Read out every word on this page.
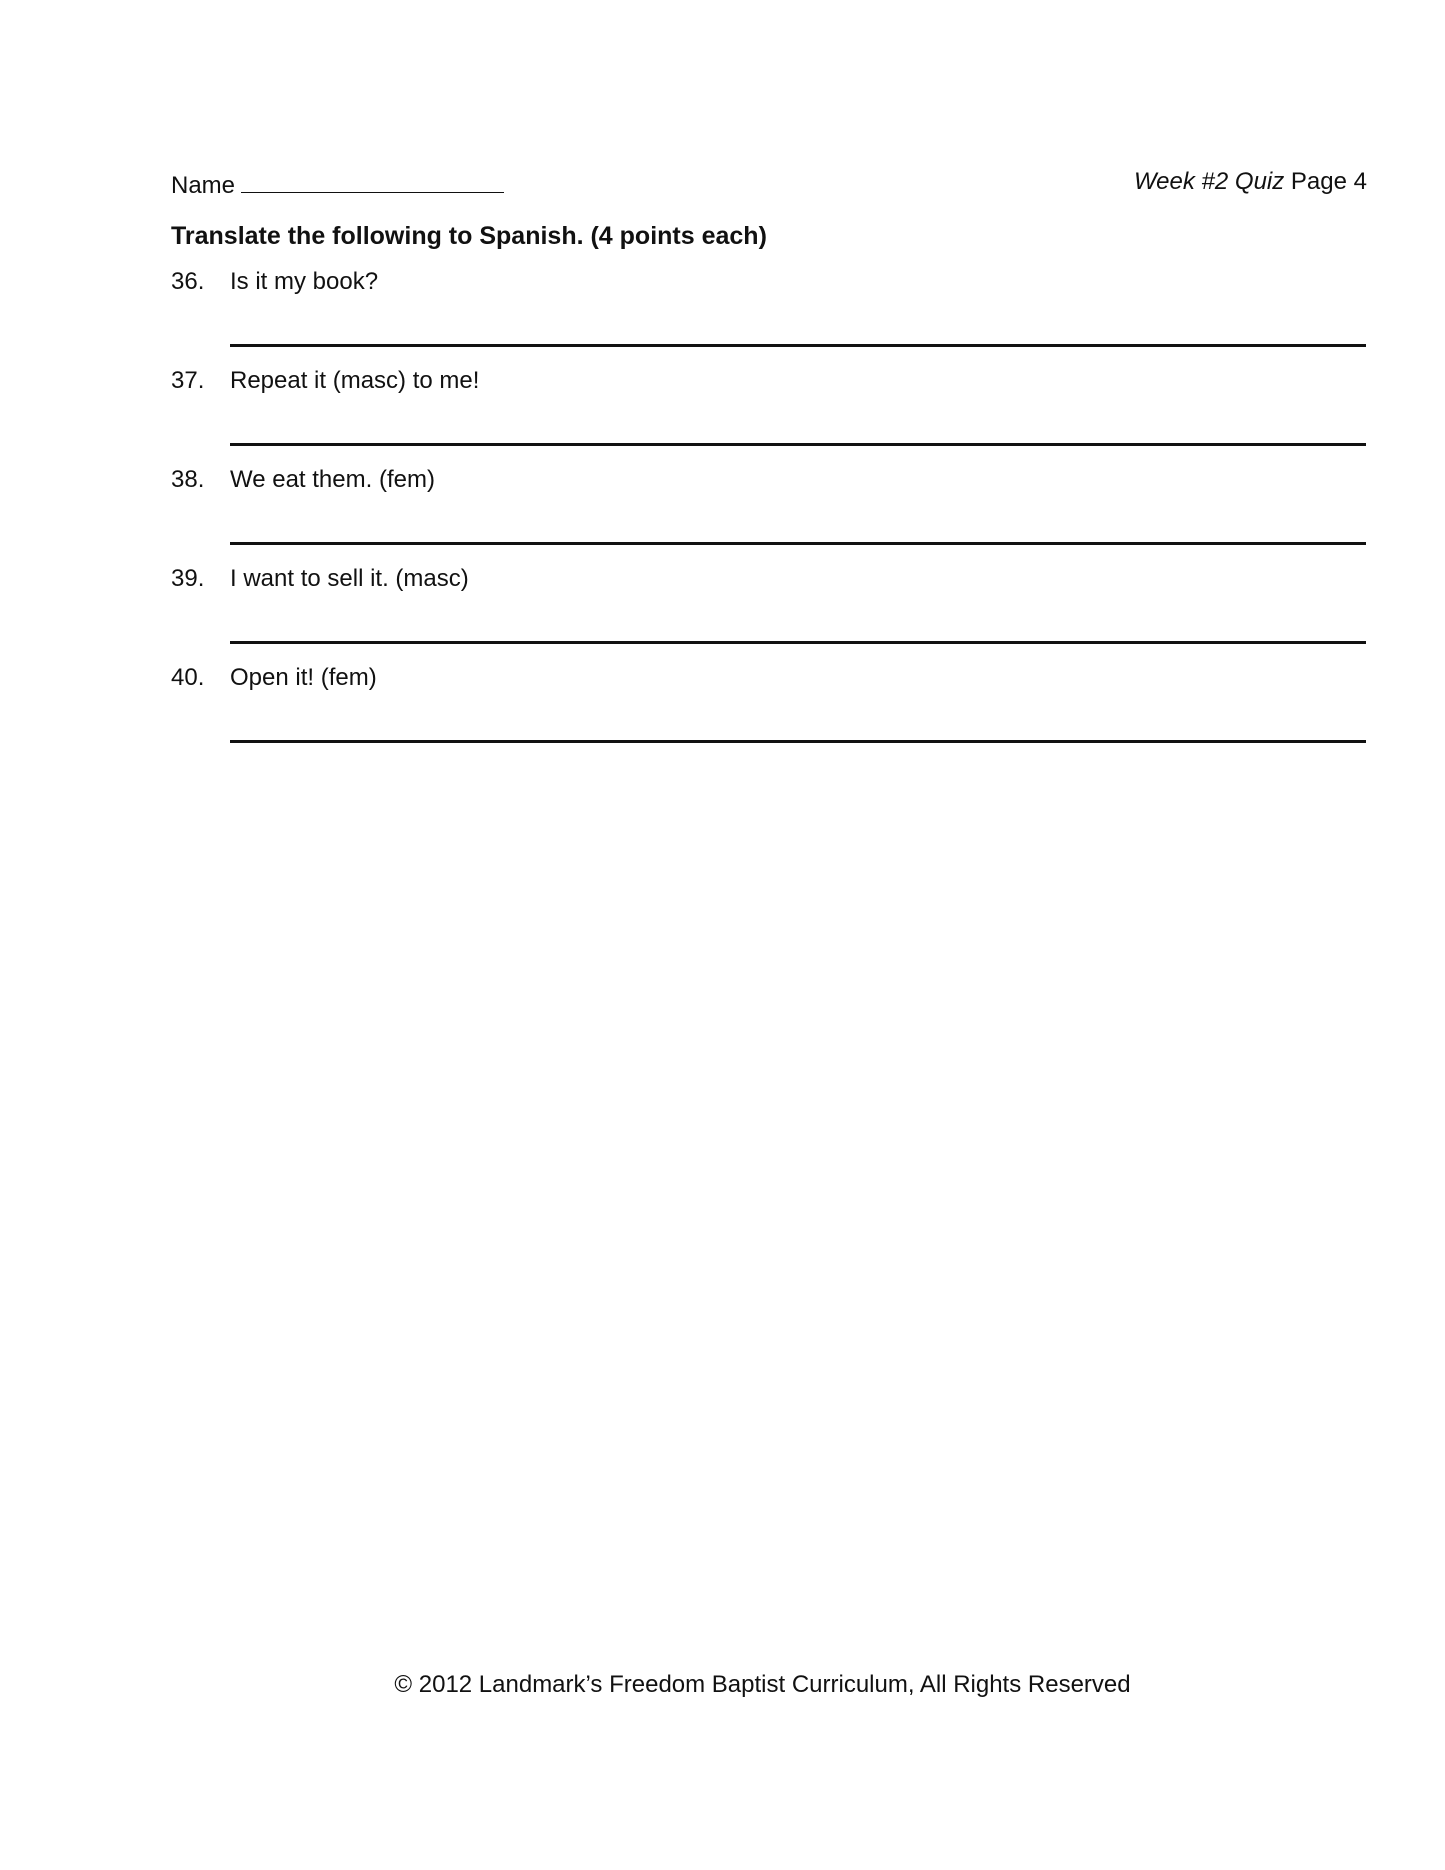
Name	Week #2 Quiz Page 4
Translate the following to Spanish. (4 points each)
36. Is it my book?
37. Repeat it (masc) to me!
38. We eat them. (fem)
39. I want to sell it. (masc)
40. Open it! (fem)
© 2012 Landmark’s Freedom Baptist Curriculum, All Rights Reserved
